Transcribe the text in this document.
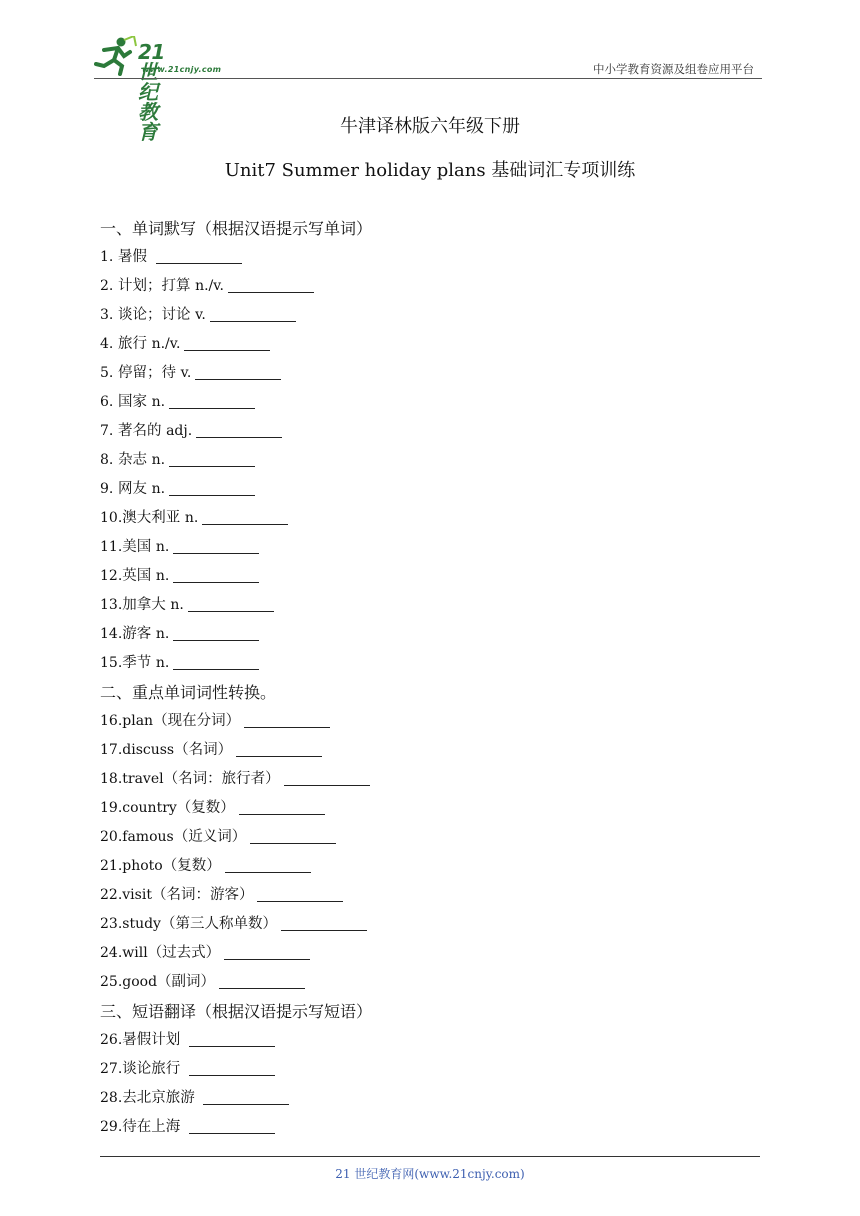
21世纪教育
www.21cnjy.com	中小学教育资源及组卷应用平台
牛津译林版六年级下册
Unit7 Summer holiday plans 基础词汇专项训练
一、单词默写（根据汉语提示写单词）
1. 暑假
2. 计划；打算 n./v.
3. 谈论；讨论 v.
4. 旅行 n./v.
5. 停留；待 v.
6. 国家 n.
7. 著名的 adj.
8. 杂志 n.
9. 网友 n.
10.澳大利亚 n.
11.美国 n.
12.英国 n.
13.加拿大 n.
14.游客 n.
15.季节 n.
二、重点单词词性转换。
16.plan（现在分词）
17.discuss（名词）
18.travel（名词：旅行者）
19.country（复数）
20.famous（近义词）
21.photo（复数）
22.visit（名词：游客）
23.study（第三人称单数）
24.will（过去式）
25.good（副词）
三、短语翻译（根据汉语提示写短语）
26.暑假计划
27.谈论旅行
28.去北京旅游
29.待在上海
21 世纪教育网(www.21cnjy.com)
